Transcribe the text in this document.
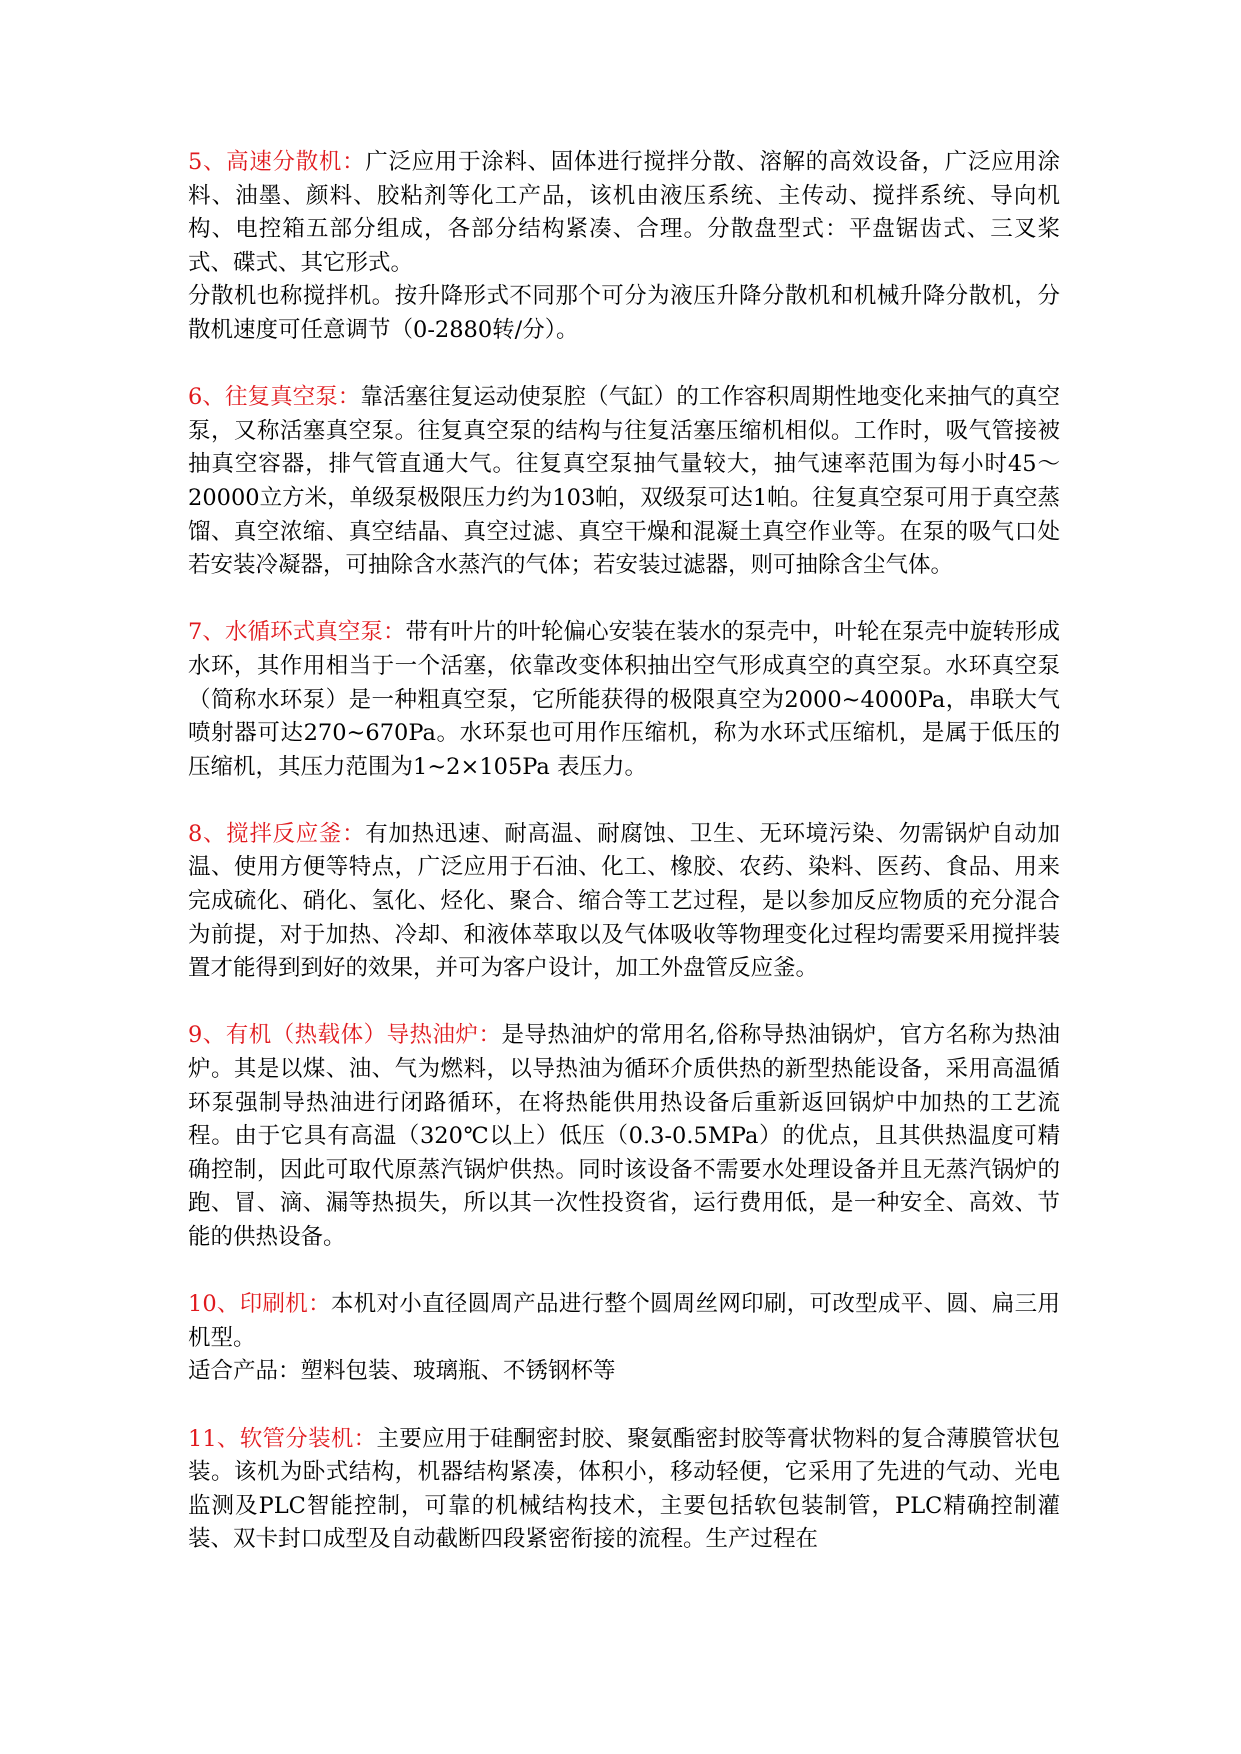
5、高速分散机：广泛应用于涂料、固体进行搅拌分散、溶解的高效设备，广泛应用涂料、油墨、颜料、胶粘剂等化工产品，该机由液压系统、主传动、搅拌系统、导向机构、电控箱五部分组成，各部分结构紧凑、合理。分散盘型式：平盘锯齿式、三叉桨式、碟式、其它形式。

分散机也称搅拌机。按升降形式不同那个可分为液压升降分散机和机械升降分散机，分散机速度可任意调节（0-2880转/分）。

6、往复真空泵：靠活塞往复运动使泵腔（气缸）的工作容积周期性地变化来抽气的真空泵，又称活塞真空泵。往复真空泵的结构与往复活塞压缩机相似。工作时，吸气管接被抽真空容器，排气管直通大气。往复真空泵抽气量较大，抽气速率范围为每小时45～20000立方米，单级泵极限压力约为103帕，双级泵可达1帕。往复真空泵可用于真空蒸馏、真空浓缩、真空结晶、真空过滤、真空干燥和混凝土真空作业等。在泵的吸气口处若安装冷凝器，可抽除含水蒸汽的气体；若安装过滤器，则可抽除含尘气体。

7、水循环式真空泵：带有叶片的叶轮偏心安装在装水的泵壳中，叶轮在泵壳中旋转形成水环，其作用相当于一个活塞，依靠改变体积抽出空气形成真空的真空泵。水环真空泵（简称水环泵）是一种粗真空泵，它所能获得的极限真空为2000~4000Pa，串联大气喷射器可达270~670Pa。水环泵也可用作压缩机，称为水环式压缩机，是属于低压的压缩机，其压力范围为1~2×105Pa 表压力。

8、搅拌反应釜：有加热迅速、耐高温、耐腐蚀、卫生、无环境污染、勿需锅炉自动加温、使用方便等特点，广泛应用于石油、化工、橡胶、农药、染料、医药、食品、用来完成硫化、硝化、氢化、烃化、聚合、缩合等工艺过程，是以参加反应物质的充分混合为前提，对于加热、冷却、和液体萃取以及气体吸收等物理变化过程均需要采用搅拌装置才能得到到好的效果，并可为客户设计，加工外盘管反应釜。

9、有机（热载体）导热油炉：是导热油炉的常用名,俗称导热油锅炉，官方名称为热油炉。其是以煤、油、气为燃料，以导热油为循环介质供热的新型热能设备，采用高温循环泵强制导热油进行闭路循环，在将热能供用热设备后重新返回锅炉中加热的工艺流程。由于它具有高温（320℃以上）低压（0.3-0.5MPa）的优点，且其供热温度可精确控制，因此可取代原蒸汽锅炉供热。同时该设备不需要水处理设备并且无蒸汽锅炉的跑、冒、滴、漏等热损失，所以其一次性投资省，运行费用低，是一种安全、高效、节能的供热设备。

10、印刷机：本机对小直径圆周产品进行整个圆周丝网印刷，可改型成平、圆、扁三用机型。

适合产品：塑料包装、玻璃瓶、不锈钢杯等

11、软管分装机：主要应用于硅酮密封胶、聚氨酯密封胶等膏状物料的复合薄膜管状包装。该机为卧式结构，机器结构紧凑，体积小，移动轻便，它采用了先进的气动、光电监测及PLC智能控制，可靠的机械结构技术，主要包括软包装制管，PLC精确控制灌装、双卡封口成型及自动截断四段紧密衔接的流程。生产过程在
